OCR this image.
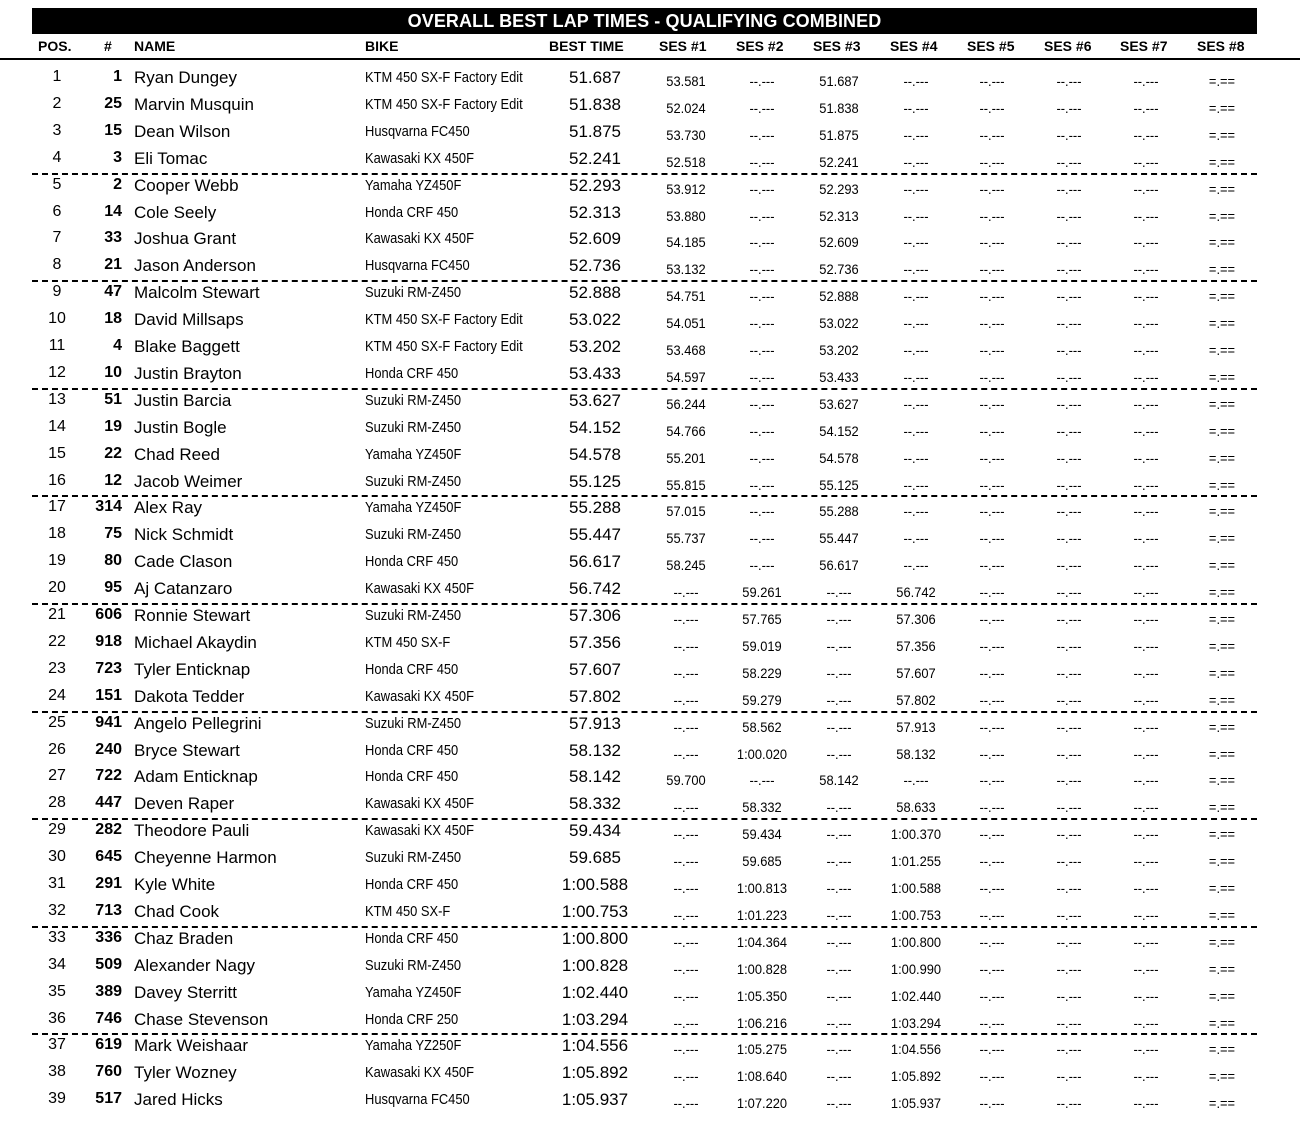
OVERALL BEST LAP TIMES - QUALIFYING COMBINED
POS. # NAME	BIKE	BEST TIME	SES #1 SES #2 SES #3 SES #4 SES #5 SES #6 SES #7 SES #8
1	1 Ryan Dungey	KTM 450 SX-F Factory Edit	51.687	53.581	--.---	51.687	--.---	--.---	--.---	--.---	=.==
2	25 Marvin Musquin	KTM 450 SX-F Factory Edit	51.838	52.024	--.---	51.838	--.---	--.---	--.---	--.---	=.==
3	15 Dean Wilson	Husqvarna FC450	51.875	53.730	--.---	51.875	--.---	--.---	--.---	--.---	=.==
4	3 Eli Tomac	Kawasaki KX 450F	52.241	52.518	--.---	52.241	--.---	--.---	--.---	--.---	=.==
5	2 Cooper Webb	Yamaha YZ450F	52.293	53.912	--.---	52.293	--.---	--.---	--.---	--.---	=.==
6	14 Cole Seely	Honda CRF 450	52.313	53.880	--.---	52.313	--.---	--.---	--.---	--.---	=.==
7	33 Joshua Grant	Kawasaki KX 450F	52.609	54.185	--.---	52.609	--.---	--.---	--.---	--.---	=.==
8	21 Jason Anderson	Husqvarna FC450	52.736	53.132	--.---	52.736	--.---	--.---	--.---	--.---	=.==
9	47 Malcolm Stewart	Suzuki RM-Z450	52.888	54.751	--.---	52.888	--.---	--.---	--.---	--.---	=.==
10	18 David Millsaps	KTM 450 SX-F Factory Edit	53.022	54.051	--.---	53.022	--.---	--.---	--.---	--.---	=.==
11	4 Blake Baggett	KTM 450 SX-F Factory Edit	53.202	53.468	--.---	53.202	--.---	--.---	--.---	--.---	=.==
12	10 Justin Brayton	Honda CRF 450	53.433	54.597	--.---	53.433	--.---	--.---	--.---	--.---	=.==
13	51 Justin Barcia	Suzuki RM-Z450	53.627	56.244	--.---	53.627	--.---	--.---	--.---	--.---	=.==
14	19 Justin Bogle	Suzuki RM-Z450	54.152	54.766	--.---	54.152	--.---	--.---	--.---	--.---	=.==
15	22 Chad Reed	Yamaha YZ450F	54.578	55.201	--.---	54.578	--.---	--.---	--.---	--.---	=.==
16	12 Jacob Weimer	Suzuki RM-Z450	55.125	55.815	--.---	55.125	--.---	--.---	--.---	--.---	=.==
17	314 Alex Ray	Yamaha YZ450F	55.288	57.015	--.---	55.288	--.---	--.---	--.---	--.---	=.==
18	75 Nick Schmidt	Suzuki RM-Z450	55.447	55.737	--.---	55.447	--.---	--.---	--.---	--.---	=.==
19	80 Cade Clason	Honda CRF 450	56.617	58.245	--.---	56.617	--.---	--.---	--.---	--.---	=.==
20	95 Aj Catanzaro	Kawasaki KX 450F	56.742	--.---	59.261	--.---	56.742	--.---	--.---	--.---	=.==
21	606 Ronnie Stewart	Suzuki RM-Z450	57.306	--.---	57.765	--.---	57.306	--.---	--.---	--.---	=.==
22	918 Michael Akaydin	KTM 450 SX-F	57.356	--.---	59.019	--.---	57.356	--.---	--.---	--.---	=.==
23	723 Tyler Enticknap	Honda CRF 450	57.607	--.---	58.229	--.---	57.607	--.---	--.---	--.---	=.==
24	151 Dakota Tedder	Kawasaki KX 450F	57.802	--.---	59.279	--.---	57.802	--.---	--.---	--.---	=.==
25	941 Angelo Pellegrini	Suzuki RM-Z450	57.913	--.---	58.562	--.---	57.913	--.---	--.---	--.---	=.==
26	240 Bryce Stewart	Honda CRF 450	58.132	--.---	1:00.020	--.---	58.132	--.---	--.---	--.---	=.==
27	722 Adam Enticknap	Honda CRF 450	58.142	59.700	--.---	58.142	--.---	--.---	--.---	--.---	=.==
28	447 Deven Raper	Kawasaki KX 450F	58.332	--.---	58.332	--.---	58.633	--.---	--.---	--.---	=.==
29	282 Theodore Pauli	Kawasaki KX 450F	59.434	--.---	59.434	--.---	1:00.370	--.---	--.---	--.---	=.==
30	645 Cheyenne Harmon	Suzuki RM-Z450	59.685	--.---	59.685	--.---	1:01.255	--.---	--.---	--.---	=.==
31	291 Kyle White	Honda CRF 450	1:00.588	--.---	1:00.813	--.---	1:00.588	--.---	--.---	--.---	=.==
32	713 Chad Cook	KTM 450 SX-F	1:00.753	--.---	1:01.223	--.---	1:00.753	--.---	--.---	--.---	=.==
33	336 Chaz Braden	Honda CRF 450	1:00.800	--.---	1:04.364	--.---	1:00.800	--.---	--.---	--.---	=.==
34	509 Alexander Nagy	Suzuki RM-Z450	1:00.828	--.---	1:00.828	--.---	1:00.990	--.---	--.---	--.---	=.==
35	389 Davey Sterritt	Yamaha YZ450F	1:02.440	--.---	1:05.350	--.---	1:02.440	--.---	--.---	--.---	=.==
36	746 Chase Stevenson	Honda CRF 250	1:03.294	--.---	1:06.216	--.---	1:03.294	--.---	--.---	--.---	=.==
37	619 Mark Weishaar	Yamaha YZ250F	1:04.556	--.---	1:05.275	--.---	1:04.556	--.---	--.---	--.---	=.==
38	760 Tyler Wozney	Kawasaki KX 450F	1:05.892	--.---	1:08.640	--.---	1:05.892	--.---	--.---	--.---	=.==
39	517 Jared Hicks	Husqvarna FC450	1:05.937	--.---	1:07.220	--.---	1:05.937	--.---	--.---	--.---	=.==
